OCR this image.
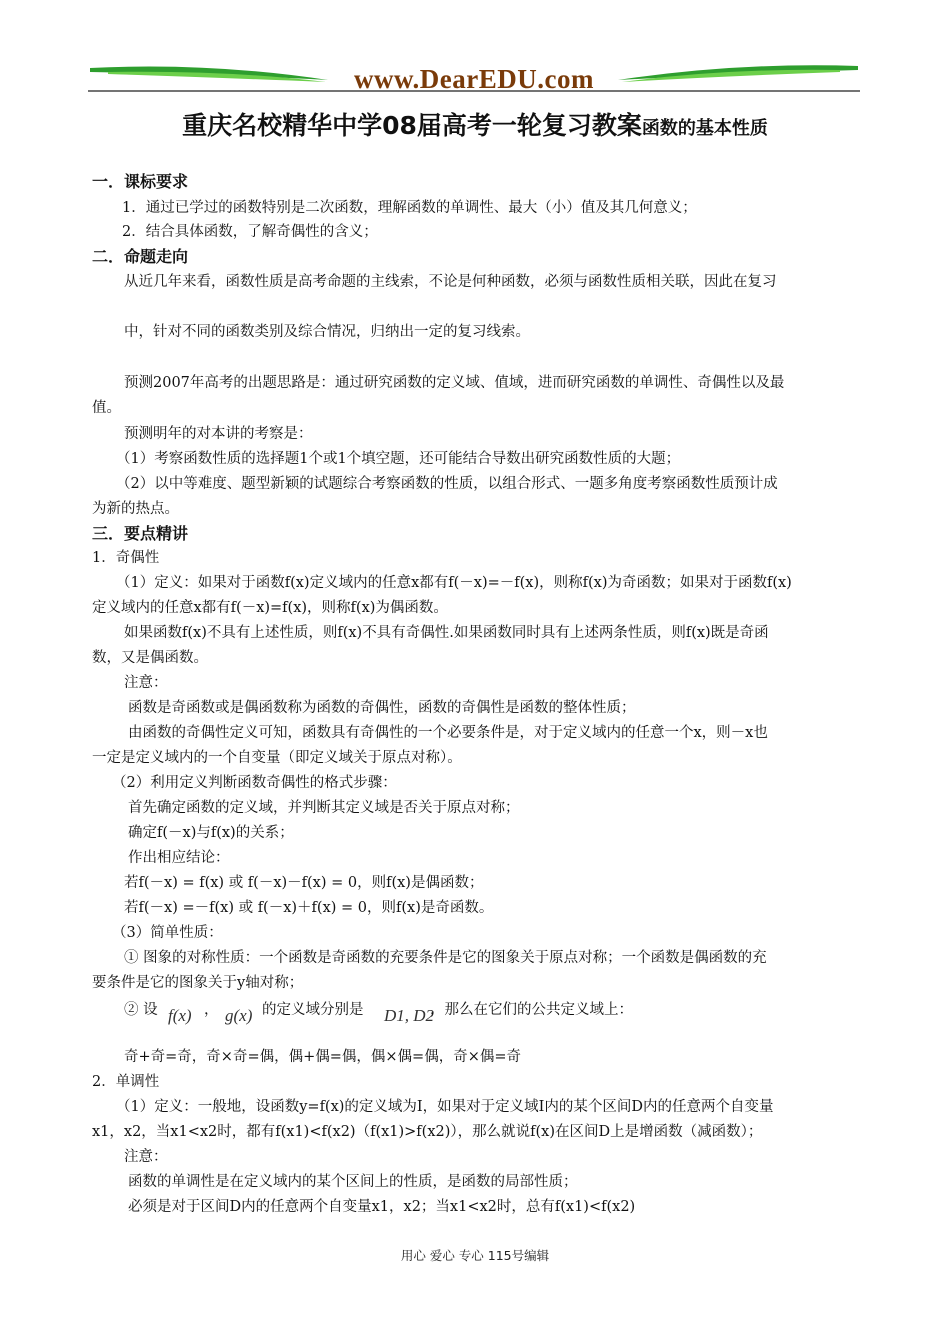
www.DearEDU.com
重庆名校精华中学08届高考一轮复习教案函数的基本性质
一．课标要求
1．通过已学过的函数特别是二次函数，理解函数的单调性、最大（小）值及其几何意义；
2．结合具体函数，了解奇偶性的含义；
二．命题走向
从近几年来看，函数性质是高考命题的主线索，不论是何种函数，必须与函数性质相关联，因此在复习
中，针对不同的函数类别及综合情况，归纳出一定的复习线索。
预测2007年高考的出题思路是：通过研究函数的定义域、值域，进而研究函数的单调性、奇偶性以及最
值。
预测明年的对本讲的考察是：
（1）考察函数性质的选择题1个或1个填空题，还可能结合导数出研究函数性质的大题；
（2）以中等难度、题型新颖的试题综合考察函数的性质，以组合形式、一题多角度考察函数性质预计成
为新的热点。
三．要点精讲
1．奇偶性
（1）定义：如果对于函数f(x)定义域内的任意x都有f(－x)=－f(x)，则称f(x)为奇函数；如果对于函数f(x)
定义域内的任意x都有f(－x)=f(x)，则称f(x)为偶函数。
如果函数f(x)不具有上述性质，则f(x)不具有奇偶性.如果函数同时具有上述两条性质，则f(x)既是奇函
数，又是偶函数。
注意：
函数是奇函数或是偶函数称为函数的奇偶性，函数的奇偶性是函数的整体性质；
由函数的奇偶性定义可知，函数具有奇偶性的一个必要条件是，对于定义域内的任意一个x，则－x也
一定是定义域内的一个自变量（即定义域关于原点对称）。
（2）利用定义判断函数奇偶性的格式步骤：
首先确定函数的定义域，并判断其定义域是否关于原点对称；
确定f(－x)与f(x)的关系；
作出相应结论：
若f(－x) = f(x) 或 f(－x)－f(x) = 0，则f(x)是偶函数；
若f(－x) =－f(x) 或 f(－x)＋f(x) = 0，则f(x)是奇函数。
（3）简单性质：
① 图象的对称性质：一个函数是奇函数的充要条件是它的图象关于原点对称；一个函数是偶函数的充
要条件是它的图象关于y轴对称；
② 设 f(x) ， g(x) 的定义域分别是	D1, D2
，那么在它们的公共定义域上：
奇+奇=奇，奇×奇=偶，偶+偶=偶，偶×偶=偶，奇×偶=奇
2．单调性
（1）定义：一般地，设函数y=f(x)的定义域为I，如果对于定义域I内的某个区间D内的任意两个自变量
x1，x2，当x1<x2时，都有f(x1)<f(x2)（f(x1)>f(x2)），那么就说f(x)在区间D上是增函数（减函数）；
注意：
函数的单调性是在定义域内的某个区间上的性质，是函数的局部性质；
必须是对于区间D内的任意两个自变量x1，x2；当x1<x2时，总有f(x1)<f(x2)
用心 爱心 专心 115号编辑
